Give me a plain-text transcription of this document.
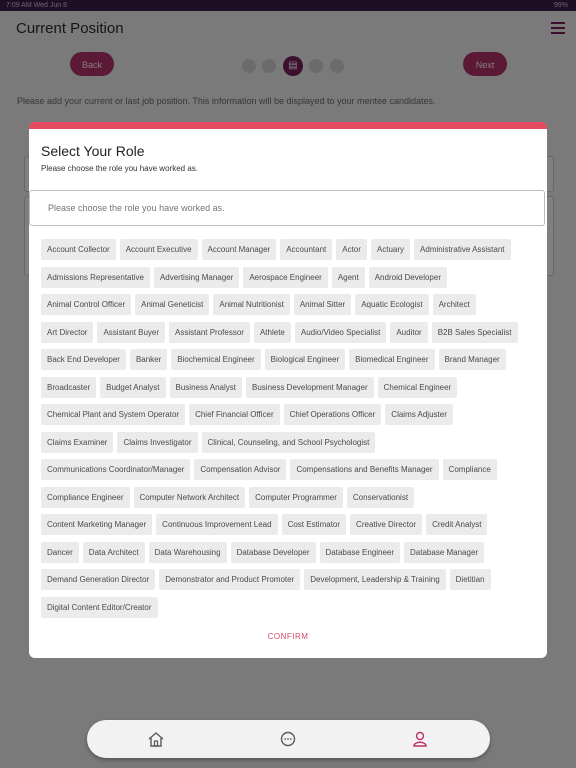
Select Your Role
Please choose the role you have worked as.
Please choose the role you have worked as.
Account Collector Account Executive Account Manager Accountant Actor Actuary Administrative AssistantAdmissions Representative Advertising Manager Aerospace Engineer Agent Android DeveloperAnimal Control Officer Animal Geneticist Animal Nutritionist Animal Sitter Aquatic Ecologist ArchitectArt Director Assistant Buyer Assistant Professor Athlete Audio/Video Specialist Auditor B2B Sales SpecialistBack End Developer Banker Biochemical Engineer Biological Engineer Biomedical Engineer Brand ManagerBroadcaster Budget Analyst Business Analyst Business Development Manager Chemical EngineerChemical Plant and System Operator Chief Financial Officer Chief Operations Officer Claims AdjusterClaims Examiner Claims Investigator Clinical, Counseling, and School PsychologistCommunications Coordinator/Manager Compensation Advisor Compensations and Benefits Manager ComplianceCompliance Engineer Computer Network Architect Computer Programmer ConservationistContent Marketing Manager Continuous Improvement Lead Cost Estimator Creative Director Credit AnalystDancer Data Architect Data Warehousing Database Developer Database Engineer Database ManagerDemand Generation Director Demonstrator and Product Promoter Development, Leadership & Training DietitianDigital Content Editor/Creator
CONFIRM
